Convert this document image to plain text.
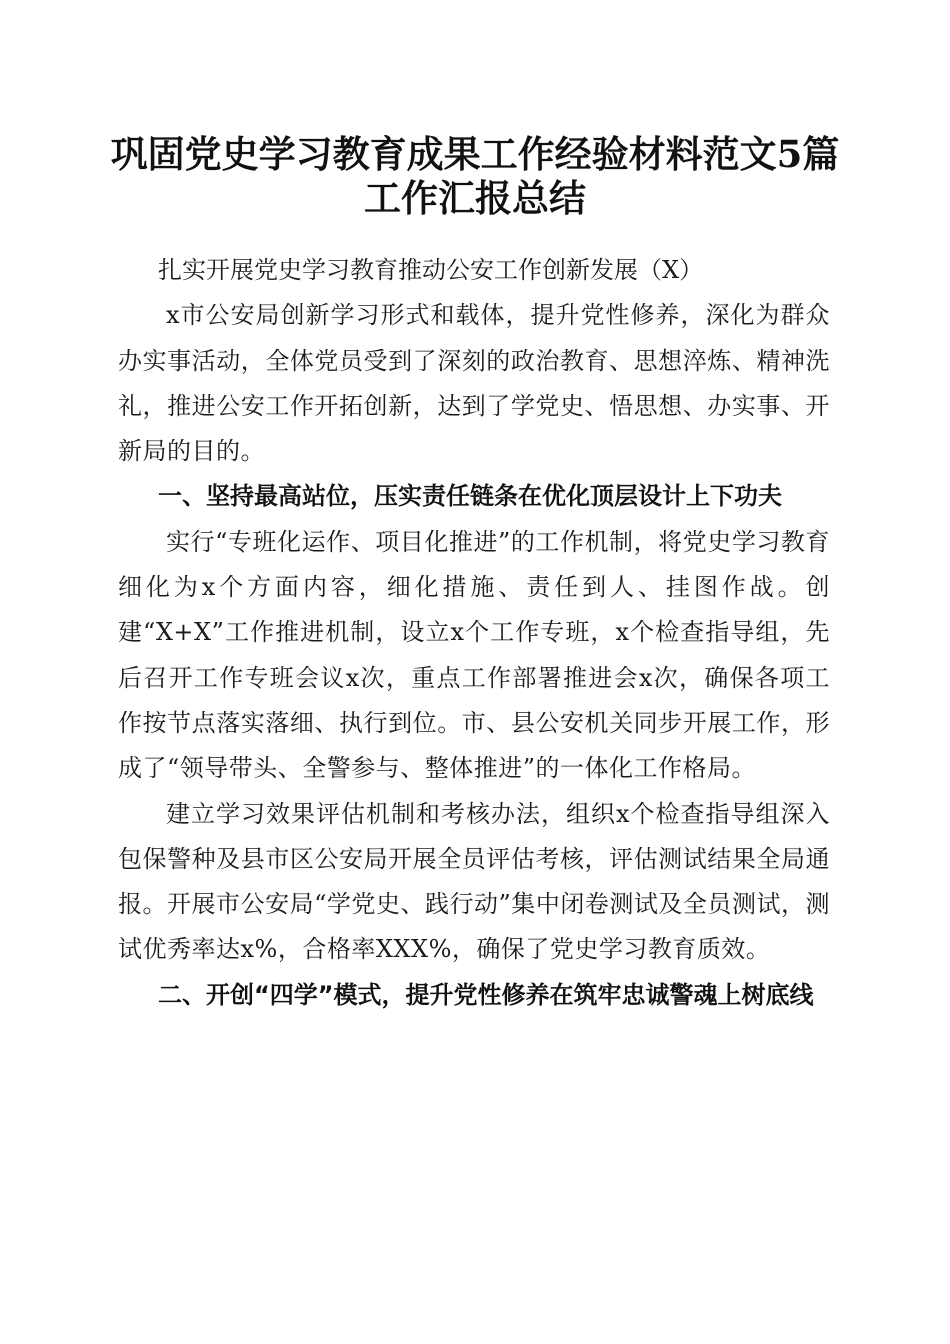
巩固党史学习教育成果工作经验材料范文5篇
工作汇报总结

扎实开展党史学习教育推动公安工作创新发展（X）

x市公安局创新学习形式和载体，提升党性修养，深化为群众办实事活动，全体党员受到了深刻的政治教育、思想淬炼、精神洗礼，推进公安工作开拓创新，达到了学党史、悟思想、办实事、开新局的目的。

一、坚持最高站位，压实责任链条在优化顶层设计上下功夫

实行“专班化运作、项目化推进”的工作机制，将党史学习教育细化为x个方面内容，细化措施、责任到人、挂图作战。创建“X+X”工作推进机制，设立x个工作专班，x个检查指导组，先后召开工作专班会议x次，重点工作部署推进会x次，确保各项工作按节点落实落细、执行到位。市、县公安机关同步开展工作，形成了“领导带头、全警参与、整体推进”的一体化工作格局。

建立学习效果评估机制和考核办法，组织x个检查指导组深入包保警种及县市区公安局开展全员评估考核，评估测试结果全局通报。开展市公安局“学党史、践行动”集中闭卷测试及全员测试，测试优秀率达x%，合格率XXX%，确保了党史学习教育质效。

二、开创“四学”模式，提升党性修养在筑牢忠诚警魂上树底线
